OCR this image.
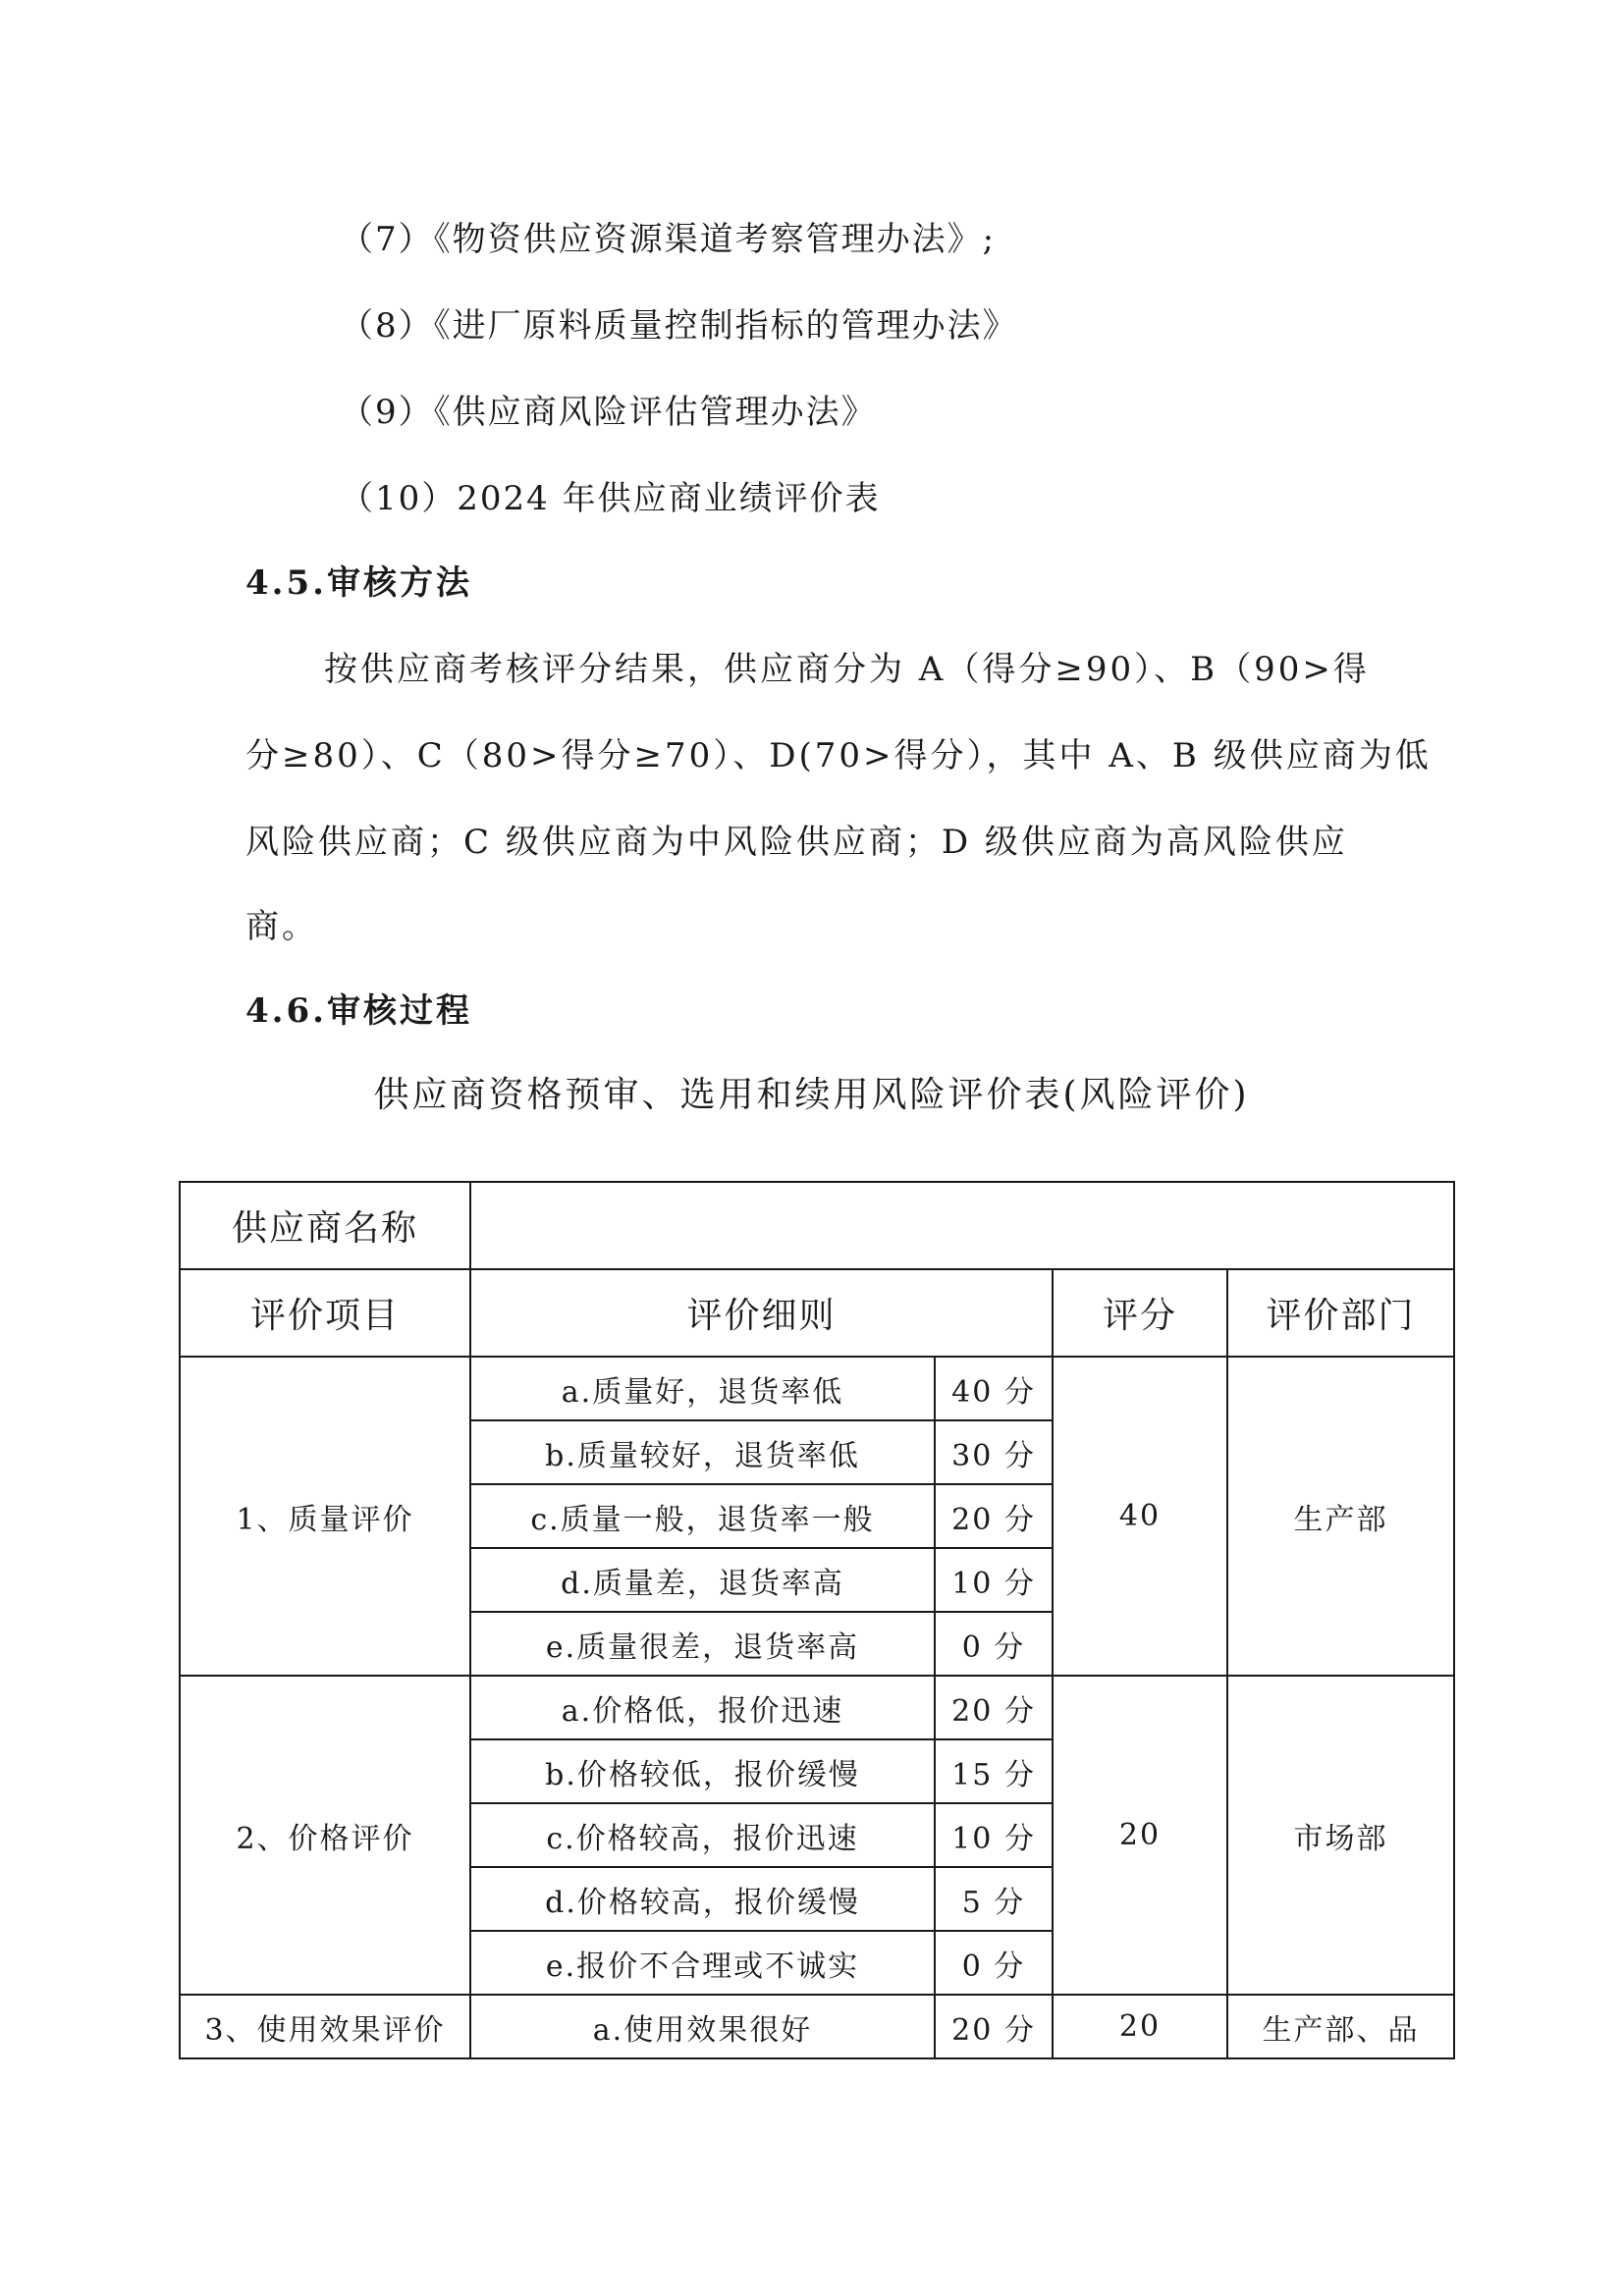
（7）《物资供应资源渠道考察管理办法》;
（8）《进厂原料质量控制指标的管理办法》
（9）《供应商风险评估管理办法》
（10）2024 年供应商业绩评价表
4.5.审核方法
按供应商考核评分结果，供应商分为 A（得分≥90）、B（90>得
分≥80）、C（80>得分≥70）、D(70>得分），其中 A、B 级供应商为低
风险供应商；C 级供应商为中风险供应商；D 级供应商为高风险供应
商。
4.6.审核过程
供应商资格预审、选用和续用风险评价表(风险评价)
供应商名称				
评价项目	评价细则		评分	评价部门
1、质量评价	a.质量好，退货率低	40 分	40	生产部
	b.质量较好，退货率低	30 分		
	c.质量一般，退货率一般	20 分		
	d.质量差，退货率高	10 分		
	e.质量很差，退货率高	0 分		
2、价格评价	a.价格低，报价迅速	20 分	20	市场部
	b.价格较低，报价缓慢	15 分		
	c.价格较高，报价迅速	10 分		
	d.价格较高，报价缓慢	5 分		
	e.报价不合理或不诚实	0 分		
3、使用效果评价	a.使用效果很好	20 分	20	生产部、品
